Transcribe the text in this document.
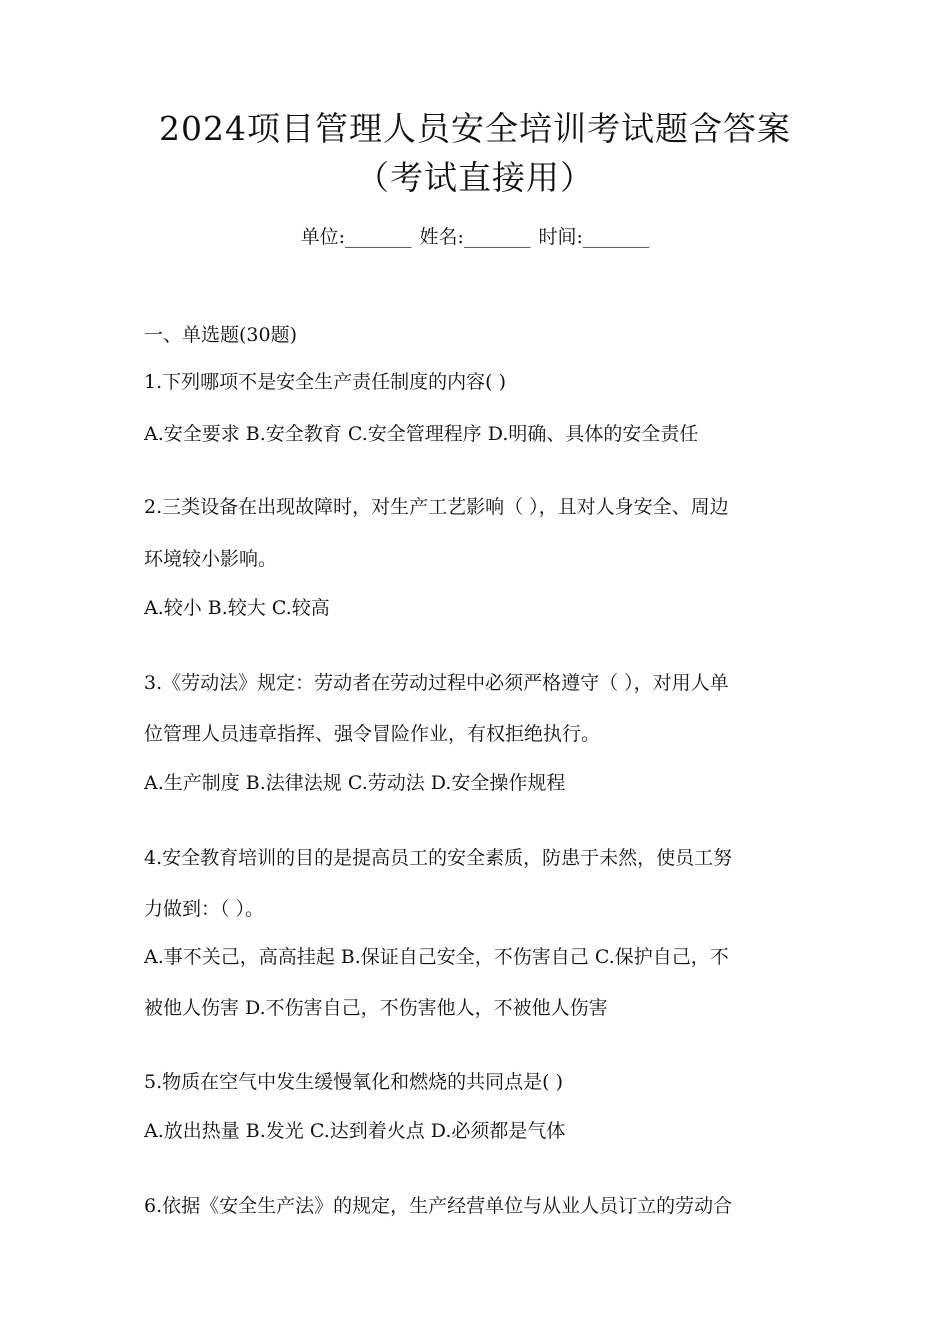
2024项目管理人员安全培训考试题含答案
（考试直接用）
单位:_______ 姓名:_______ 时间:_______
一、单选题(30题)
1.下列哪项不是安全生产责任制度的内容( )
A.安全要求 B.安全教育 C.安全管理程序 D.明确、具体的安全责任
2.三类设备在出现故障时，对生产工艺影响（ ），且对人身安全、周边
环境较小影响。
A.较小 B.较大 C.较高
3.《劳动法》规定：劳动者在劳动过程中必须严格遵守（ ），对用人单
位管理人员违章指挥、强令冒险作业，有权拒绝执行。
A.生产制度 B.法律法规 C.劳动法 D.安全操作规程
4.安全教育培训的目的是提高员工的安全素质，防患于未然，使员工努
力做到：（ ）。
A.事不关己，高高挂起 B.保证自己安全，不伤害自己 C.保护自己，不
被他人伤害 D.不伤害自己，不伤害他人，不被他人伤害
5.物质在空气中发生缓慢氧化和燃烧的共同点是( )
A.放出热量 B.发光 C.达到着火点 D.必须都是气体
6.依据《安全生产法》的规定，生产经营单位与从业人员订立的劳动合
